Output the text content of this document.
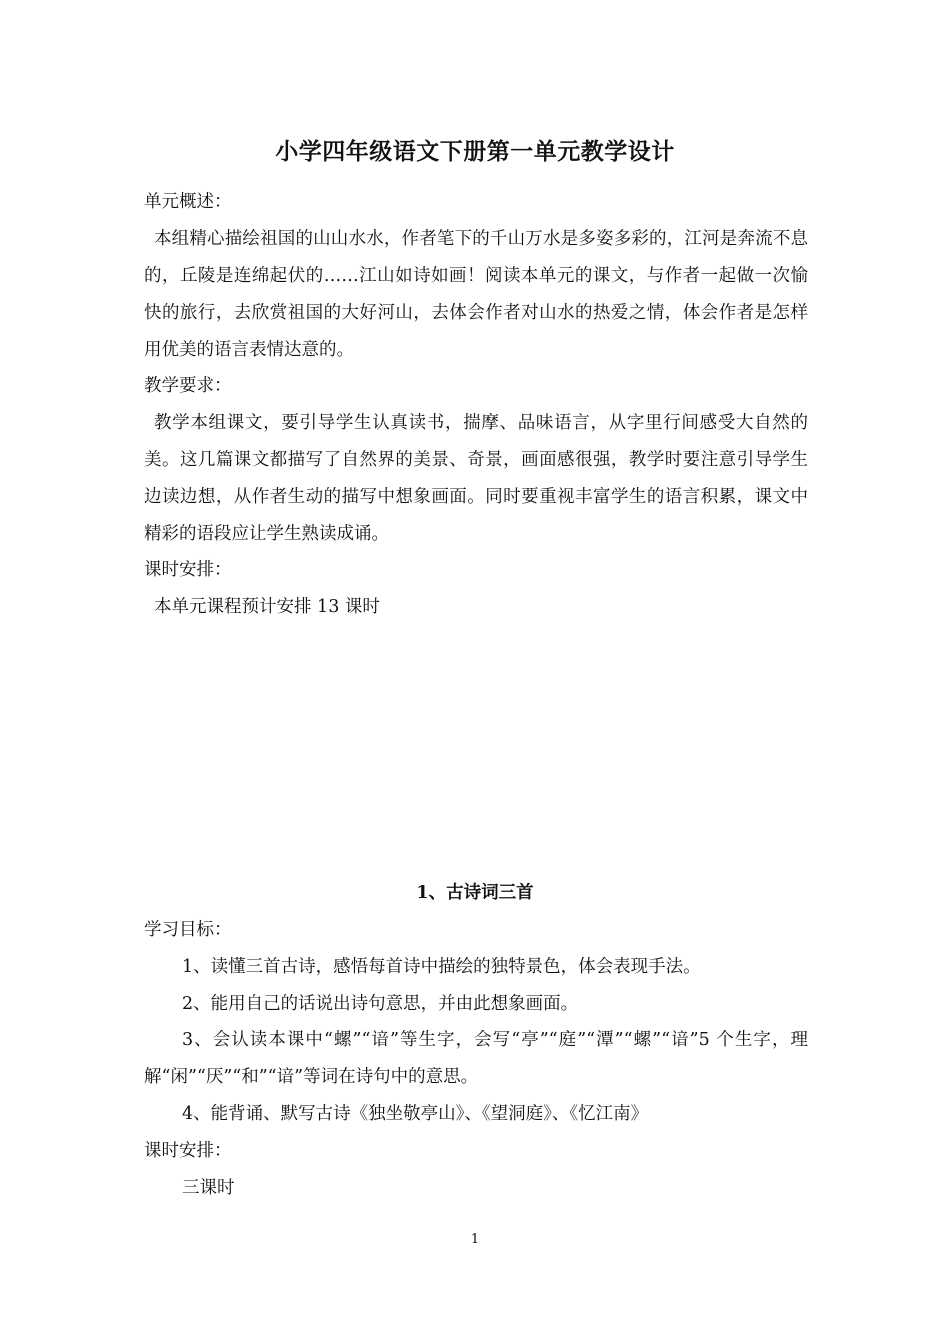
小学四年级语文下册第一单元教学设计
单元概述：
本组精心描绘祖国的山山水水，作者笔下的千山万水是多姿多彩的，江河是奔流不息的，丘陵是连绵起伏的……江山如诗如画！阅读本单元的课文，与作者一起做一次愉快的旅行，去欣赏祖国的大好河山，去体会作者对山水的热爱之情，体会作者是怎样用优美的语言表情达意的。
教学要求：
教学本组课文，要引导学生认真读书，揣摩、品味语言，从字里行间感受大自然的美。这几篇课文都描写了自然界的美景、奇景，画面感很强，教学时要注意引导学生边读边想，从作者生动的描写中想象画面。同时要重视丰富学生的语言积累，课文中精彩的语段应让学生熟读成诵。
课时安排：
本单元课程预计安排 13 课时
1、古诗词三首
学习目标：
1、读懂三首古诗，感悟每首诗中描绘的独特景色，体会表现手法。
2、能用自己的话说出诗句意思，并由此想象画面。
3、会认读本课中“螺”“谙”等生字，会写“亭”“庭”“潭”“螺”“谙”5 个生字，理解“闲”“厌”“和”“谙”等词在诗句中的意思。
4、能背诵、默写古诗《独坐敬亭山》、《望洞庭》、《忆江南》
课时安排：
三课时
1
